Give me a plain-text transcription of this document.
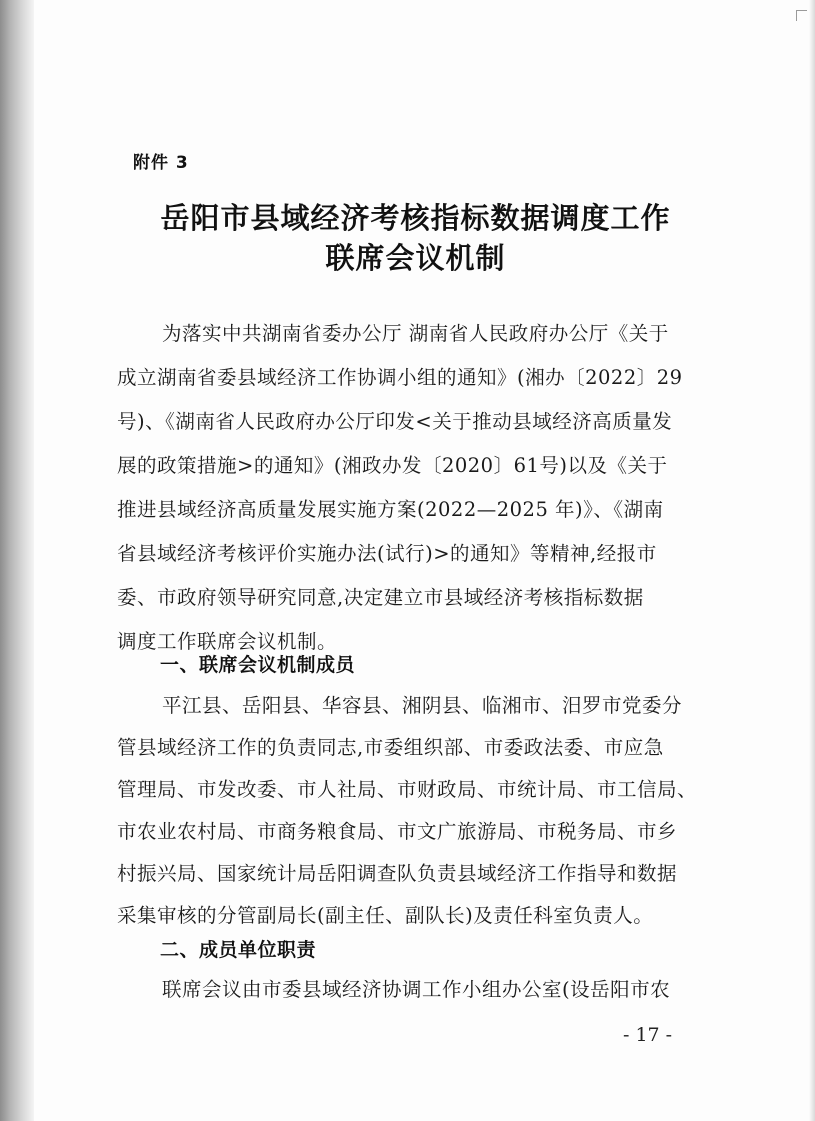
附件 3
岳阳市县域经济考核指标数据调度工作
联席会议机制
为落实中共湖南省委办公厅 湖南省人民政府办公厅《关于
成立湖南省委县域经济工作协调小组的通知》(湘办〔2022〕29
号)、《湖南省人民政府办公厅印发<关于推动县域经济高质量发
展的政策措施>的通知》(湘政办发〔2020〕61号)以及《关于
推进县域经济高质量发展实施方案(2022—2025 年)》、《湖南
省县域经济考核评价实施办法(试行)>的通知》等精神,经报市
委、市政府领导研究同意,决定建立市县域经济考核指标数据
调度工作联席会议机制。
一、联席会议机制成员
平江县、岳阳县、华容县、湘阴县、临湘市、汨罗市党委分
管县域经济工作的负责同志,市委组织部、市委政法委、市应急
管理局、市发改委、市人社局、市财政局、市统计局、市工信局、
市农业农村局、市商务粮食局、市文广旅游局、市税务局、市乡
村振兴局、国家统计局岳阳调查队负责县域经济工作指导和数据
采集审核的分管副局长(副主任、副队长)及责任科室负责人。
二、成员单位职责
联席会议由市委县域经济协调工作小组办公室(设岳阳市农
- 17 -
